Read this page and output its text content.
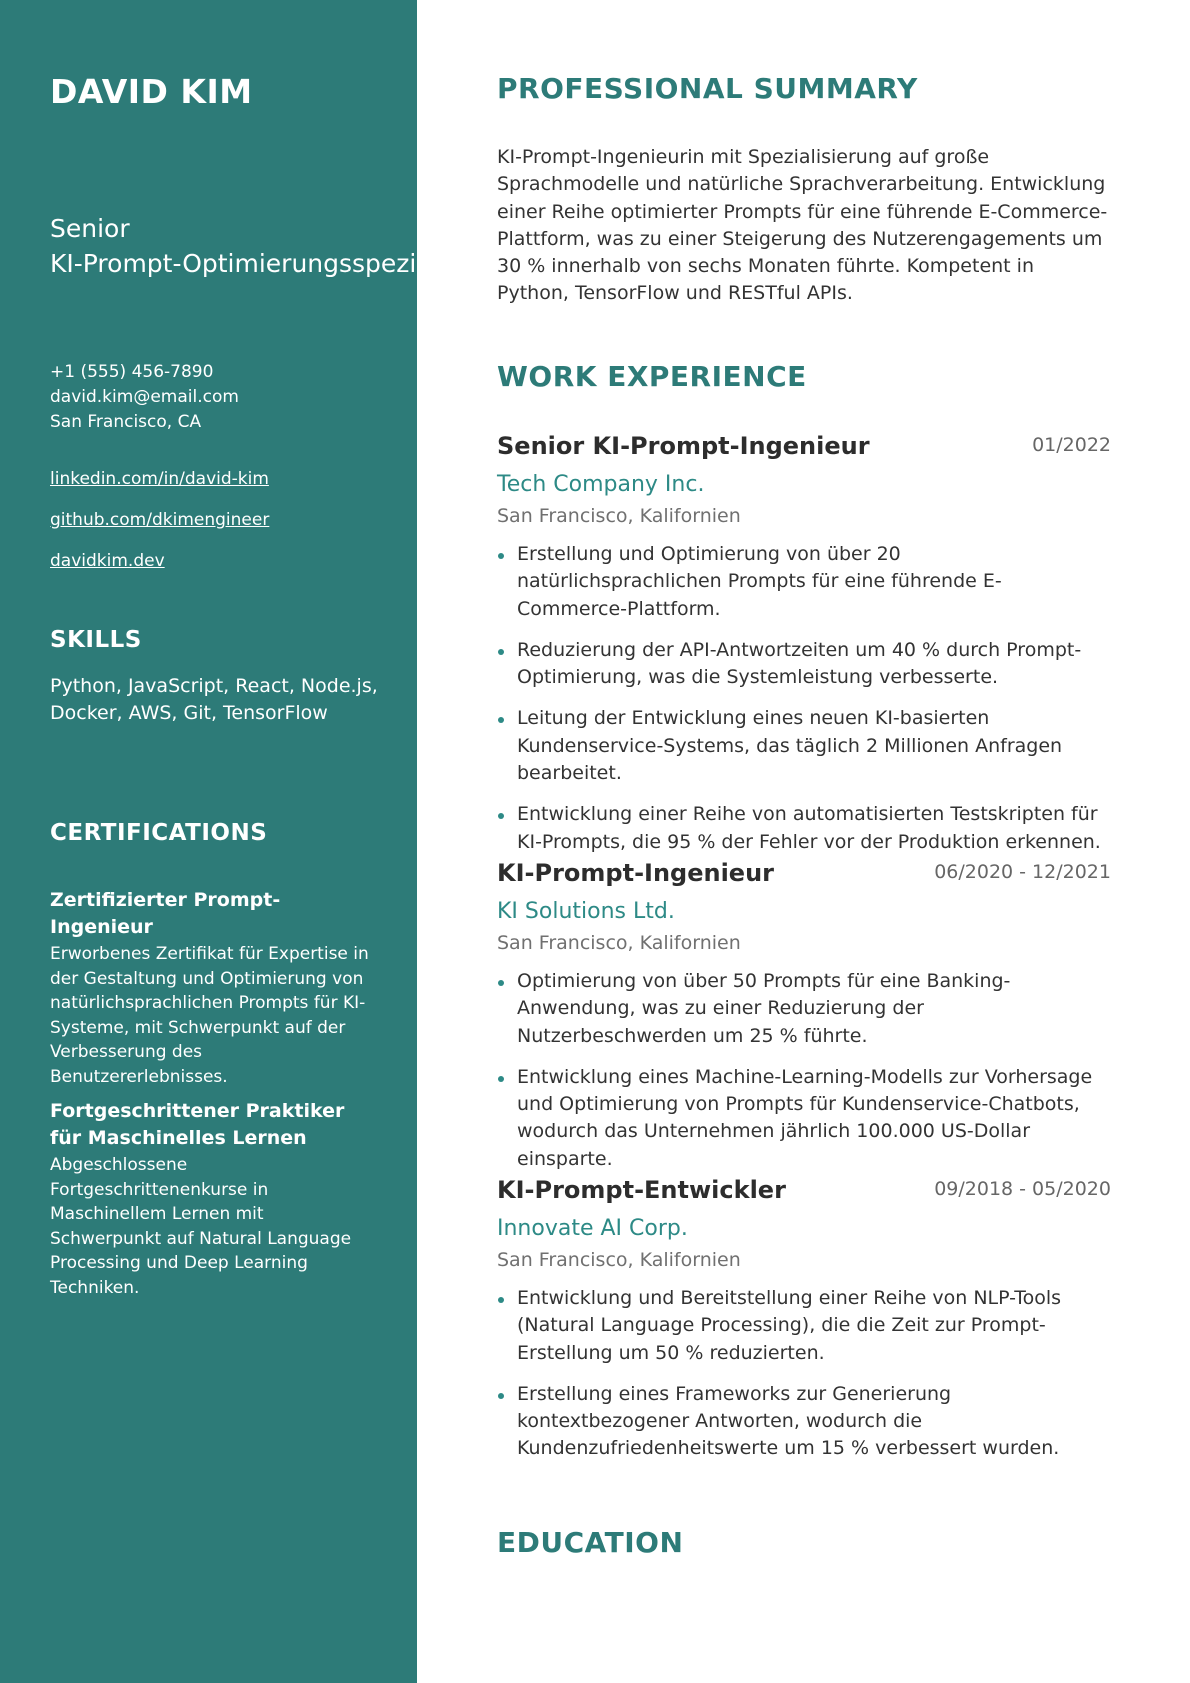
DAVID KIM
Senior
KI-Prompt-Optimierungsspezialist
+1 (555) 456-7890
david.kim@email.com
San Francisco, CA
linkedin.com/in/david-kim
github.com/dkimengineer
davidkim.dev
SKILLS
Python, JavaScript, React, Node.js, Docker, AWS, Git, TensorFlow
CERTIFICATIONS
Zertifizierter Prompt-Ingenieur
Erworbenes Zertifikat für Expertise in der Gestaltung und Optimierung von natürlichsprachlichen Prompts für KI-Systeme, mit Schwerpunkt auf der Verbesserung des Benutzererlebnisses.
Fortgeschrittener Praktiker für Maschinelles Lernen
Abgeschlossene Fortgeschrittenenkurse in Maschinellem Lernen mit Schwerpunkt auf Natural Language Processing und Deep Learning Techniken.
PROFESSIONAL SUMMARY

KI-Prompt-Ingenieurin mit Spezialisierung auf große Sprachmodelle und natürliche Sprachverarbeitung. Entwicklung einer Reihe optimierter Prompts für eine führende E-Commerce-Plattform, was zu einer Steigerung des Nutzerengagements um 30 % innerhalb von sechs Monaten führte. Kompetent in Python, TensorFlow und RESTful APIs.

WORK EXPERIENCE
Senior KI-Prompt-Ingenieur	01/2022
Tech Company Inc.
San Francisco, Kalifornien
Erstellung und Optimierung von über 20 natürlichsprachlichen Prompts für eine führende E-Commerce-Plattform.
Reduzierung der API-Antwortzeiten um 40 % durch Prompt-Optimierung, was die Systemleistung verbesserte.
Leitung der Entwicklung eines neuen KI-basierten Kundenservice-Systems, das täglich 2 Millionen Anfragen bearbeitet.
Entwicklung einer Reihe von automatisierten Testskripten für KI-Prompts, die 95 % der Fehler vor der Produktion erkennen.
KI-Prompt-Ingenieur	06/2020 - 12/2021
KI Solutions Ltd.
San Francisco, Kalifornien
Optimierung von über 50 Prompts für eine Banking-Anwendung, was zu einer Reduzierung der Nutzerbeschwerden um 25 % führte.
Entwicklung eines Machine-Learning-Modells zur Vorhersage und Optimierung von Prompts für Kundenservice-Chatbots, wodurch das Unternehmen jährlich 100.000 US-Dollar einsparte.
KI-Prompt-Entwickler	09/2018 - 05/2020
Innovate AI Corp.
San Francisco, Kalifornien
Entwicklung und Bereitstellung einer Reihe von NLP-Tools (Natural Language Processing), die die Zeit zur Prompt-Erstellung um 50 % reduzierten.
Erstellung eines Frameworks zur Generierung kontextbezogener Antworten, wodurch die Kundenzufriedenheitswerte um 15 % verbessert wurden.
EDUCATION
